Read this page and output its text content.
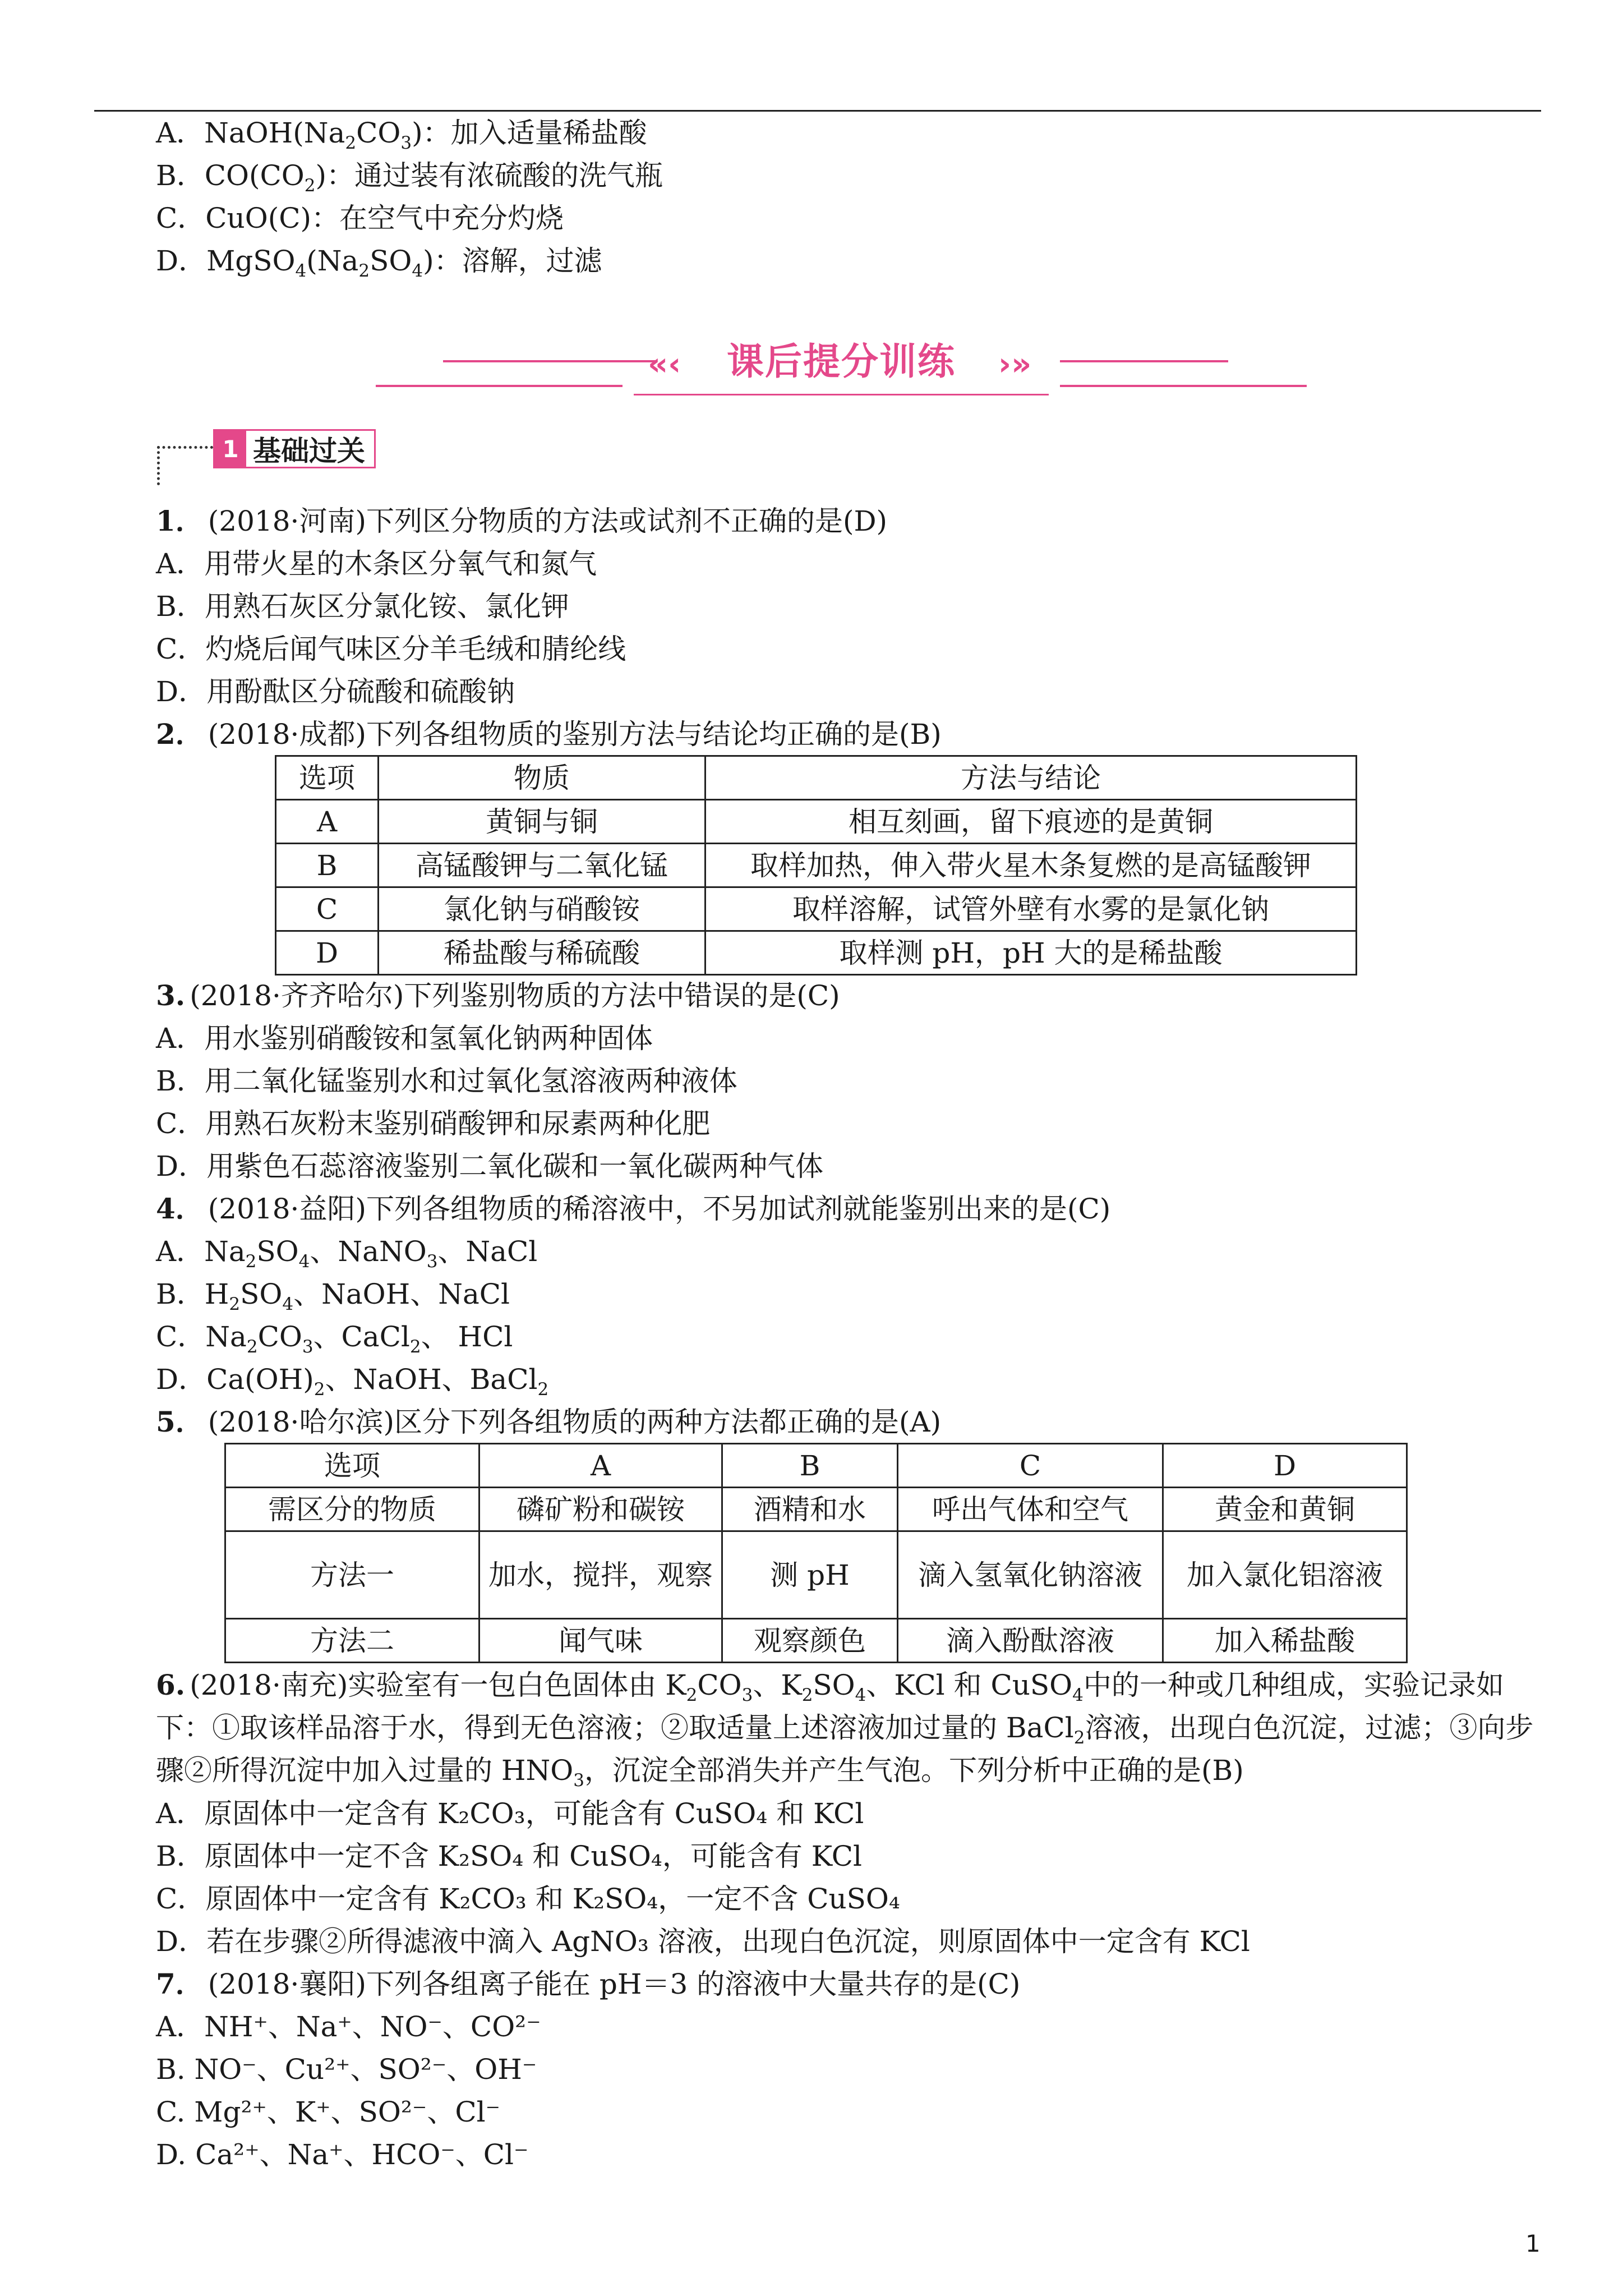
A．$NaOH(Na_2CO_3)$：加入适量稀盐酸
B．$CO(CO_2)$：通过装有浓硫酸的洗气瓶
C．CuO(C)：在空气中充分灼烧
D．$MgSO_4(Na_2SO_4)$：溶解，过滤
«‹	课后提分训练	›»
1 基础过关
1． (2018·河南)下列区分物质的方法或试剂不正确的是(D)
A．用带火星的木条区分氧气和氮气
B．用熟石灰区分氯化铵、氯化钾
C．灼烧后闻气味区分羊毛绒和腈纶线
D．用酚酞区分硫酸和硫酸钠
2． (2018·成都)下列各组物质的鉴别方法与结论均正确的是(B)
选项	物质	方法与结论
A	黄铜与铜	相互刻画，留下痕迹的是黄铜
B	高锰酸钾与二氧化锰	取样加热，伸入带火星木条复燃的是高锰酸钾
C	氯化钠与硝酸铵	取样溶解，试管外壁有水雾的是氯化钠
D	稀盐酸与稀硫酸	取样测 pH，pH 大的是稀盐酸
3. (2018·齐齐哈尔)下列鉴别物质的方法中错误的是(C)
A．用水鉴别硝酸铵和氢氧化钠两种固体
B．用二氧化锰鉴别水和过氧化氢溶液两种液体
C．用熟石灰粉末鉴别硝酸钾和尿素两种化肥
D．用紫色石蕊溶液鉴别二氧化碳和一氧化碳两种气体
4． (2018·益阳)下列各组物质的稀溶液中，不另加试剂就能鉴别出来的是(C)
A．$Na_2SO_4$、NaNO$_3$、NaCl
B．$H_2SO_4$、NaOH、NaCl
C．$Na_2CO_3$、CaCl$_2$、 HCl
D．$Ca(OH)_2$、NaOH、BaCl$_2$
5． (2018·哈尔滨)区分下列各组物质的两种方法都正确的是(A)
选项	A	B	C	D
需区分的物质	磷矿粉和碳铵	酒精和水	呼出气体和空气	黄金和黄铜
方法一	加水，搅拌，观察	测 pH	滴入氢氧化钠溶液	加入氯化铝溶液
方法二	闻气味	观察颜色	滴入酚酞溶液	加入稀盐酸
6. (2018·南充)实验室有一包白色固体由 $K_2CO_3$、$K_2SO_4$、KCl 和 CuSO$_4$中的一种或几种组成，实验记录如下：①取该样品溶于水，得到无色溶液；②取适量上述溶液加过量的 BaCl$_2$溶液，出现白色沉淀，过滤；③向步骤②所得沉淀中加入过量的 $HNO_3$，沉淀全部消失并产生气泡。下列分析中正确的是(B)
A．原固体中一定含有 K₂CO₃，可能含有 CuSO₄ 和 KCl
B．原固体中一定不含 K₂SO₄ 和 CuSO₄，可能含有 KCl
C．原固体中一定含有 K₂CO₃ 和 K₂SO₄，一定不含 CuSO₄
D．若在步骤②所得滤液中滴入 AgNO₃ 溶液，出现白色沉淀，则原固体中一定含有 KCl
7． (2018·襄阳)下列各组离子能在 pH＝3 的溶液中大量共存的是(C)
A．NH⁺、Na⁺、NO⁻、CO²⁻
B. NO⁻、Cu²⁺、SO²⁻、OH⁻
C. Mg²⁺、K⁺、SO²⁻、Cl⁻
D. Ca²⁺、Na⁺、HCO⁻、Cl⁻
1
